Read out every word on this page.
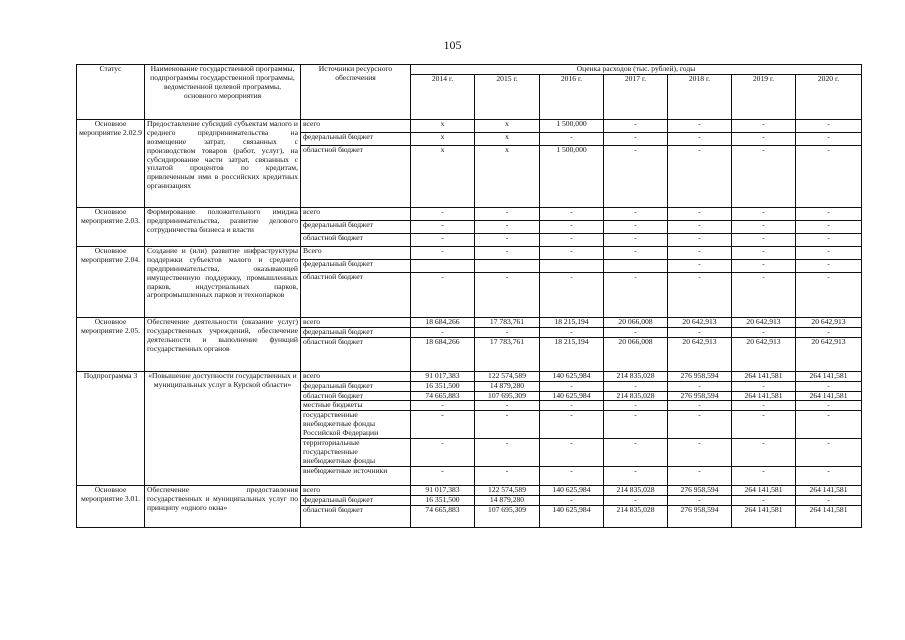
105
Статус	Наименование государственной программы, подпрограммы государственной программы, ведомственной целевой программы, основного мероприятия	Источники ресурсного обеспечения	Оценка расходов (тыс. рублей), годы						
			2014 г.	2015 г.	2016 г.	2017 г.	2018 г.	2019 г.	2020 г.
Основное мероприятие 2.02.9	Предоставление субсидий субъектам малого и среднего предпринимательства на возмещение затрат, связанных с производством товаров (работ, услуг), на субсидирование части затрат, связанных с уплатой процентов по кредитам, привлеченным ими в российских кредитных организациях	всего	х	х	1 500,000	-	-	-	-
		федеральный бюджет	х	х	-	-	-	-	-
		областной бюджет	х	х	1 500,000	-	-	-	-
Основное мероприятие 2.03.	Формирование положительного имиджа предпринимательства, развитие делового сотрудничества бизнеса и власти	всего	-	-	-	-	-	-	-
		федеральный бюджет	-	-	-	-	-	-	-
		областной бюджет	-	-	-	-	-	-	-
Основное мероприятие 2.04.	Создание и (или) развитие инфраструктуры поддержки субъектов малого и среднего предпринимательства, оказывающей имущественную поддержку, промышленных парков, индустриальных парков, агропромышленных парков и технопарков	Всего	-	-	-	-	-	-	-
		федеральный бюджет					-	-	-
		областной бюджет	-	-	-	-	-	-	-
Основное мероприятие 2.05.	Обеспечение деятельности (оказание услуг) государственных учреждений, обеспечение деятельности и выполнение функций государственных органов	всего	18 684,266	17 783,761	18 215,194	20 066,008	20 642,913	20 642,913	20 642,913
		федеральный бюджет	-	-	-	-	-	-	-
		областной бюджет	18 684,266	17 783,761	18 215,194	20 066,008	20 642,913	20 642,913	20 642,913
Подпрограмма 3	«Повышение доступности государственных и муниципальных услуг в Курской области»	всего	91 017,383	122 574,589	140 625,984	214 835,028	276 958,594	264 141,581	264 141,581
		федеральный бюджет	16 351,500	14 879,280	-	-	-	-	-
		областной бюджет	74 665,883	107 695,309	140 625,984	214 835,028	276 958,594	264 141,581	264 141,581
		местные бюджеты	-	-	-	-	-	-	-
		государственные внебюджетные фонды Российской Федерации	-	-	-	-	-	-	-
		территориальные государственные внебюджетные фонды	-	-	-	-	-	-	-
		внебюджетные источники	-	-	-	-	-	-	-
Основное мероприятие 3.01.	Обеспечение предоставления государственных и муниципальных услуг по принципу «одного окна»	всего	91 017,383	122 574,589	140 625,984	214 835,028	276 958,594	264 141,581	264 141,581
		федеральный бюджет	16 351,500	14 879,280	-	-	-	-	-
		областной бюджет	74 665,883	107 695,309	140 625,984	214 835,028	276 958,594	264 141,581	264 141,581
